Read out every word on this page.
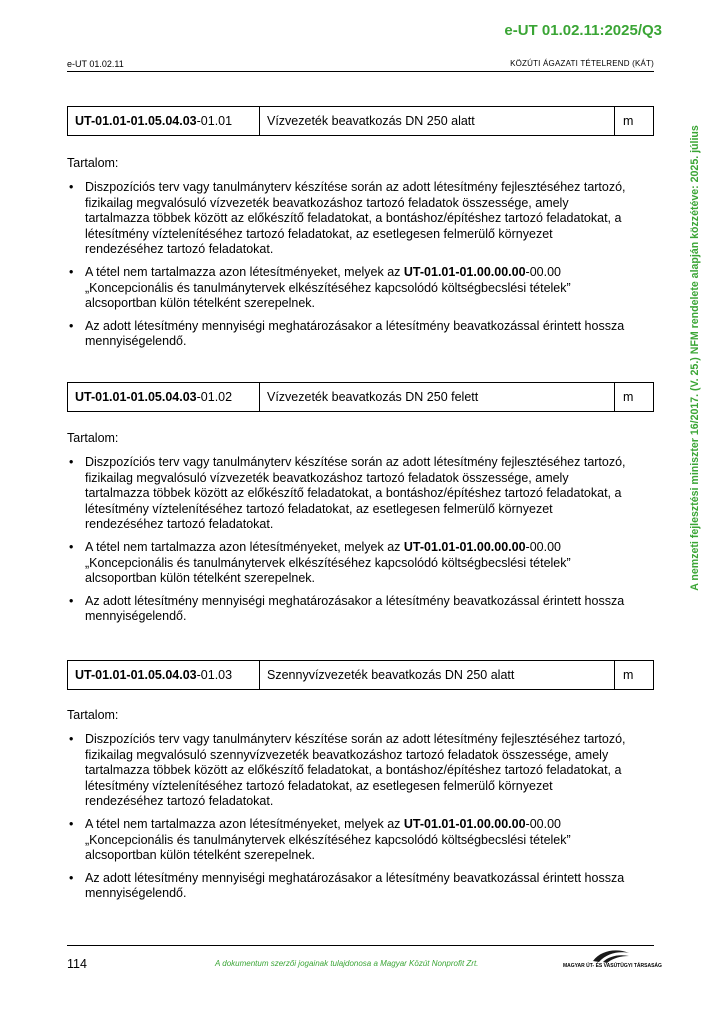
e-UT 01.02.11:2025/Q3
e-UT 01.02.11	KÖZÚTI ÁGAZATI TÉTELREND (KÁT)
A nemzeti fejlesztési miniszter 16/2017. (V. 25.) NFM rendelete alapján közzétéve: 2025. július
UT-01.01-01.05.04.03 -01.01	Vízvezeték beavatkozás DN 250 alatt	m
Tartalom:
• Diszpozíciós terv vagy tanulmányterv készítése során az adott létesítmény fejlesztéséhez tartozó, fizikailag megvalósuló vízvezeték beavatkozáshoz tartozó feladatok összessége, amely tartalmazza többek között az előkészítő feladatokat, a bontáshoz/építéshez tartozó feladatokat, a létesítmény víztelenítéséhez tartozó feladatokat, az esetlegesen felmerülő környezet rendezéséhez tartozó feladatokat.
• A tétel nem tartalmazza azon létesítményeket, melyek az UT-01.01-01.00.00.00-00.00 „Koncepcionális és tanulmánytervek elkészítéséhez kapcsolódó költségbecslési tételek” alcsoportban külön tételként szerepelnek.
• Az adott létesítmény mennyiségi meghatározásakor a létesítmény beavatkozással érintett hossza mennyiségelendő.
UT-01.01-01.05.04.03 -01.02	Vízvezeték beavatkozás DN 250 felett	m
Tartalom:
• Diszpozíciós terv vagy tanulmányterv készítése során az adott létesítmény fejlesztéséhez tartozó, fizikailag megvalósuló vízvezeték beavatkozáshoz tartozó feladatok összessége, amely tartalmazza többek között az előkészítő feladatokat, a bontáshoz/építéshez tartozó feladatokat, a létesítmény víztelenítéséhez tartozó feladatokat, az esetlegesen felmerülő környezet rendezéséhez tartozó feladatokat.
• A tétel nem tartalmazza azon létesítményeket, melyek az UT-01.01-01.00.00.00-00.00 „Koncepcionális és tanulmánytervek elkészítéséhez kapcsolódó költségbecslési tételek” alcsoportban külön tételként szerepelnek.
• Az adott létesítmény mennyiségi meghatározásakor a létesítmény beavatkozással érintett hossza mennyiségelendő.
UT-01.01-01.05.04.03 -01.03	Szennyvízvezeték beavatkozás DN 250 alatt	m
Tartalom:
• Diszpozíciós terv vagy tanulmányterv készítése során az adott létesítmény fejlesztéséhez tartozó, fizikailag megvalósuló szennyvízvezeték beavatkozáshoz tartozó feladatok összessége, amely tartalmazza többek között az előkészítő feladatokat, a bontáshoz/építéshez tartozó feladatokat, a létesítmény víztelenítéséhez tartozó feladatokat, az esetlegesen felmerülő környezet rendezéséhez tartozó feladatokat.
• A tétel nem tartalmazza azon létesítményeket, melyek az UT-01.01-01.00.00.00-00.00 „Koncepcionális és tanulmánytervek elkészítéséhez kapcsolódó költségbecslési tételek” alcsoportban külön tételként szerepelnek.
• Az adott létesítmény mennyiségi meghatározásakor a létesítmény beavatkozással érintett hossza mennyiségelendő.
114	A dokumentum szerzői jogainak tulajdonosa a Magyar Közút Nonprofit Zrt.	MAGYAR ÚT- ÉS VASÚTÜGYI TÁRSASÁG
